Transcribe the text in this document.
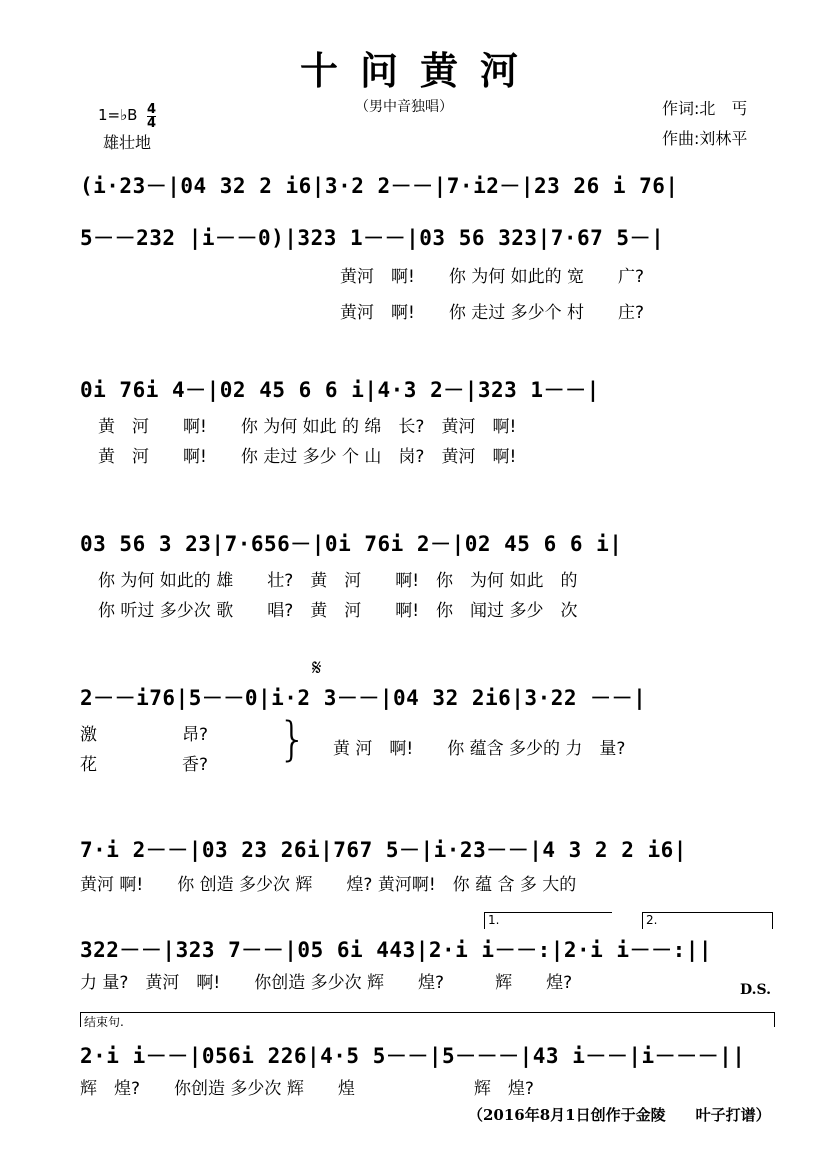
十问黄河
（男中音独唱）
1=♭B $\frac{4}{4}$
雄壮地
作词:北　丐
作曲:刘林平
(i·23－|04 32 2 i6|3·2 2－－|7·i2－|23 26 i 76|
5－－232 |i－－0)|323 1－－|03 56 323|7·67 5－|
黄河　啊!　　你 为何 如此的 宽　　广?
黄河　啊!　　你 走过 多少个 村　　庄?
0i 76i 4－|02 45 6 6 i|4·3 2－|323 1－－|
黄　河　　啊!　　你 为何 如此 的 绵　长?　黄河　啊!
黄　河　　啊!　　你 走过 多少 个 山　岗?　黄河　啊!
03 56 3 23|7·656－|0i 76i 2－|02 45 6 6 i|
你 为何 如此的 雄　　壮?　黄　河　　啊!　你　为何 如此　的
你 听过 多少次 歌　　唱?　黄　河　　啊!　你　闻过 多少　次
𝄋
2－－i76|5－－0|i·2 3－－|04 32 2i6|3·22 －－|
激　　　　　昂?
花　　　　　香? } 黄 河　啊!　　你 蕴含 多少的 力　量?
7·i 2－－|03 23 26i|767 5－|i·23－－|4 3 2 2 i6|
黄河 啊!　　你 创造 多少次 辉　　煌? 黄河啊!　你 蕴 含 多 大的
1.	2.
322－－|323 7－－|05 6i 443|2·i i－－:|2·i i－－:||
力 量?　黄河　啊!　　你创造 多少次 辉　　煌?　　　辉　　煌?	D.S.
结束句.
2·i i－－|056i 226|4·5 5－－|5－－－|43 i－－|i－－－||
辉　煌?　　你创造 多少次 辉　　煌　　　　　　　辉　煌?
（2016年8月1日创作于金陵　　叶子打谱）
